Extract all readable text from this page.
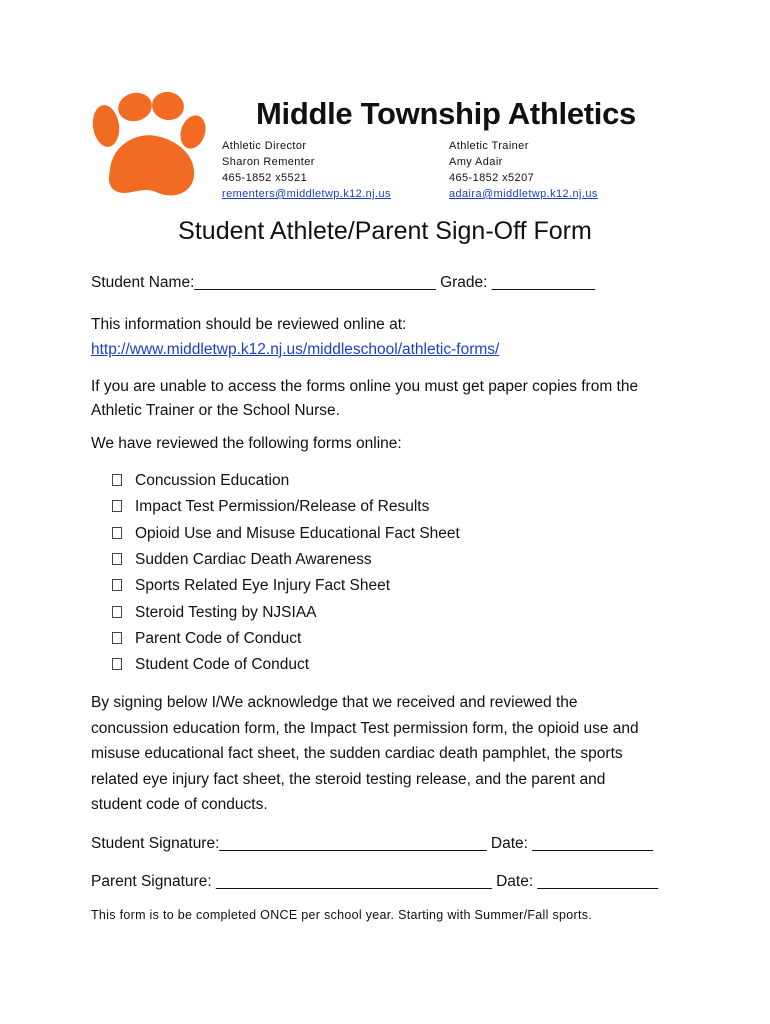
Middle Township Athletics
Athletic Director
Sharon Rementer
465-1852 x5521
rementers@middletwp.k12.nj.us
Athletic Trainer
Amy Adair
465-1852 x5207
adaira@middletwp.k12.nj.us
Student Athlete/Parent Sign-Off Form
Student Name:____________________________ Grade: ____________
This information should be reviewed online at:
http://www.middletwp.k12.nj.us/middleschool/athletic-forms/
If you are unable to access the forms online you must get paper copies from the
Athletic Trainer or the School Nurse.
We have reviewed the following forms online:
Concussion Education
Impact Test Permission/Release of Results
Opioid Use and Misuse Educational Fact Sheet
Sudden Cardiac Death Awareness
Sports Related Eye Injury Fact Sheet
Steroid Testing by NJSIAA
Parent Code of Conduct
Student Code of Conduct
By signing below I/We acknowledge that we received and reviewed the
concussion education form, the Impact Test permission form, the opioid use and
misuse educational fact sheet, the sudden cardiac death pamphlet, the sports
related eye injury fact sheet, the steroid testing release, and the parent and
student code of conducts.
Student Signature:_______________________________ Date: ______________
Parent Signature: ________________________________ Date: ______________
This form is to be completed ONCE per school year. Starting with Summer/Fall sports.
